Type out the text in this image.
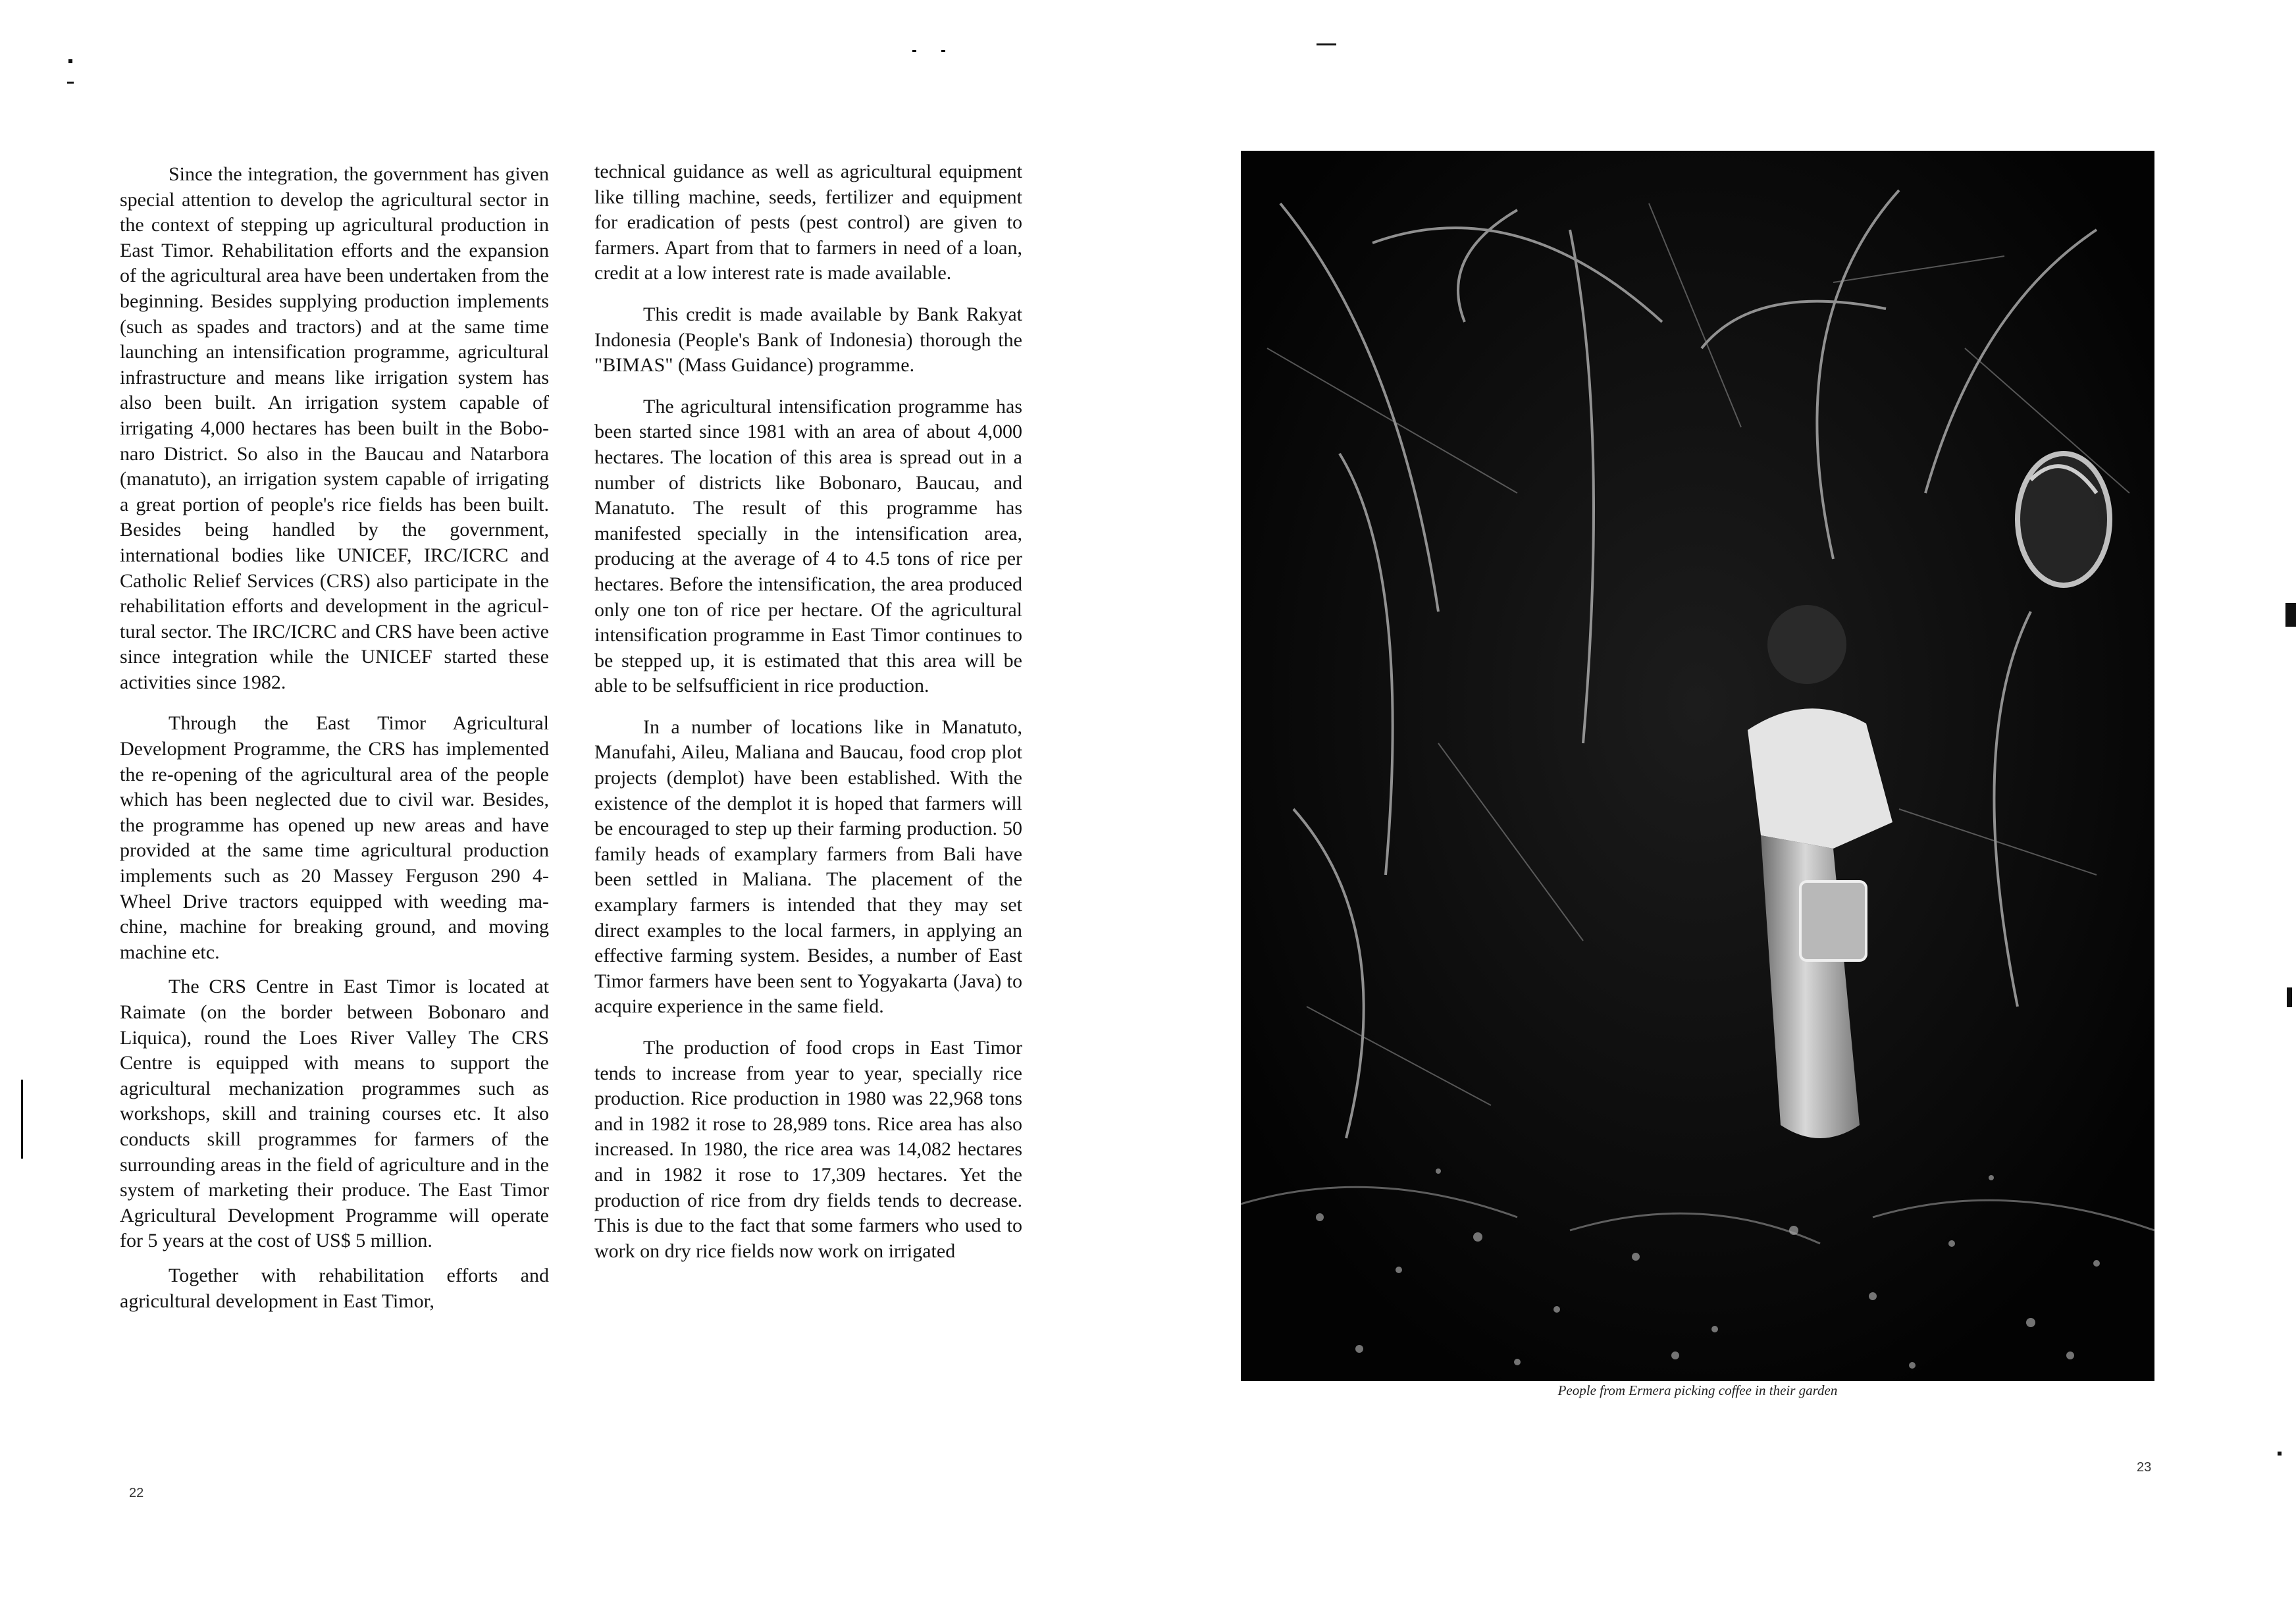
Since the integration, the government has given special attention to develop the agricultural sector in the context of stepping up agricultural production in East Timor. Rehabilitation efforts and the expansion of the agricultural area have been undertaken from the beginning. Besides supplying production implements (such as spades and tractors) and at the same time launching an intensification programme, agricultural infrastructure and means like irrigation system has also been built. An irrigation system capable of irrigating 4,000 hectares has been built in the Bobonaro District. So also in the Baucau and Natarbora (manatuto), an irrigation system capable of irrigating a great portion of people's rice fields has been built. Besides being handled by the government, international bodies like UNICEF, IRC/ICRC and Catholic Relief Services (CRS) also participate in the rehabilitation efforts and development in the agricultural sector. The IRC/ICRC and CRS have been active since integration while the UNICEF started these activities since 1982.

Through the East Timor Agricultural Development Programme, the CRS has implemented the re-opening of the agricultural area of the people which has been neglected due to civil war. Besides, the programme has opened up new areas and have provided at the same time agricultural production implements such as 20 Massey Ferguson 290 4-Wheel Drive tractors equipped with weeding machine, machine for breaking ground, and moving machine etc.

The CRS Centre in East Timor is located at Raimate (on the border between Bobonaro and Liquica), round the Loes River Valley The CRS Centre is equipped with means to support the agricultural mechanization programmes such as workshops, skill and training courses etc. It also conducts skill programmes for farmers of the surrounding areas in the field of agriculture and in the system of marketing their produce. The East Timor Agricultural Development Programme will operate for 5 years at the cost of US$ 5 million.

Together with rehabilitation efforts and agricultural development in East Timor,

technical guidance as well as agricultural equipment like tilling machine, seeds, fertilizer and equipment for eradication of pests (pest control) are given to farmers. Apart from that to farmers in need of a loan, credit at a low interest rate is made available.

This credit is made available by Bank Rakyat Indonesia (People's Bank of Indonesia) thorough the "BIMAS" (Mass Guidance) programme.

The agricultural intensification programme has been started since 1981 with an area of about 4,000 hectares. The location of this area is spread out in a number of districts like Bobonaro, Baucau, and Manatuto. The result of this programme has manifested specially in the intensification area, producing at the average of 4 to 4.5 tons of rice per hectares. Before the intensification, the area produced only one ton of rice per hectare. Of the agricultural intensification programme in East Timor continues to be stepped up, it is estimated that this area will be able to be selfsufficient in rice production.

In a number of locations like in Manatuto, Manufahi, Aileu, Maliana and Baucau, food crop plot projects (demplot) have been established. With the existence of the demplot it is hoped that farmers will be encouraged to step up their farming production. 50 family heads of examplary farmers from Bali have been settled in Maliana. The placement of the examplary farmers is intended that they may set direct examples to the local farmers, in applying an effective farming system. Besides, a number of East Timor farmers have been sent to Yogyakarta (Java) to acquire experience in the same field.

The production of food crops in East Timor tends to increase from year to year, specially rice production. Rice production in 1980 was 22,968 tons and in 1982 it rose to 28,989 tons. Rice area has also increased. In 1980, the rice area was 14,082 hectares and in 1982 it rose to 17,309 hectares. Yet the production of rice from dry fields tends to decrease. This is due to the fact that some farmers who used to work on dry rice fields now work on irrigated

People from Ermera picking coffee in their garden
22
23
